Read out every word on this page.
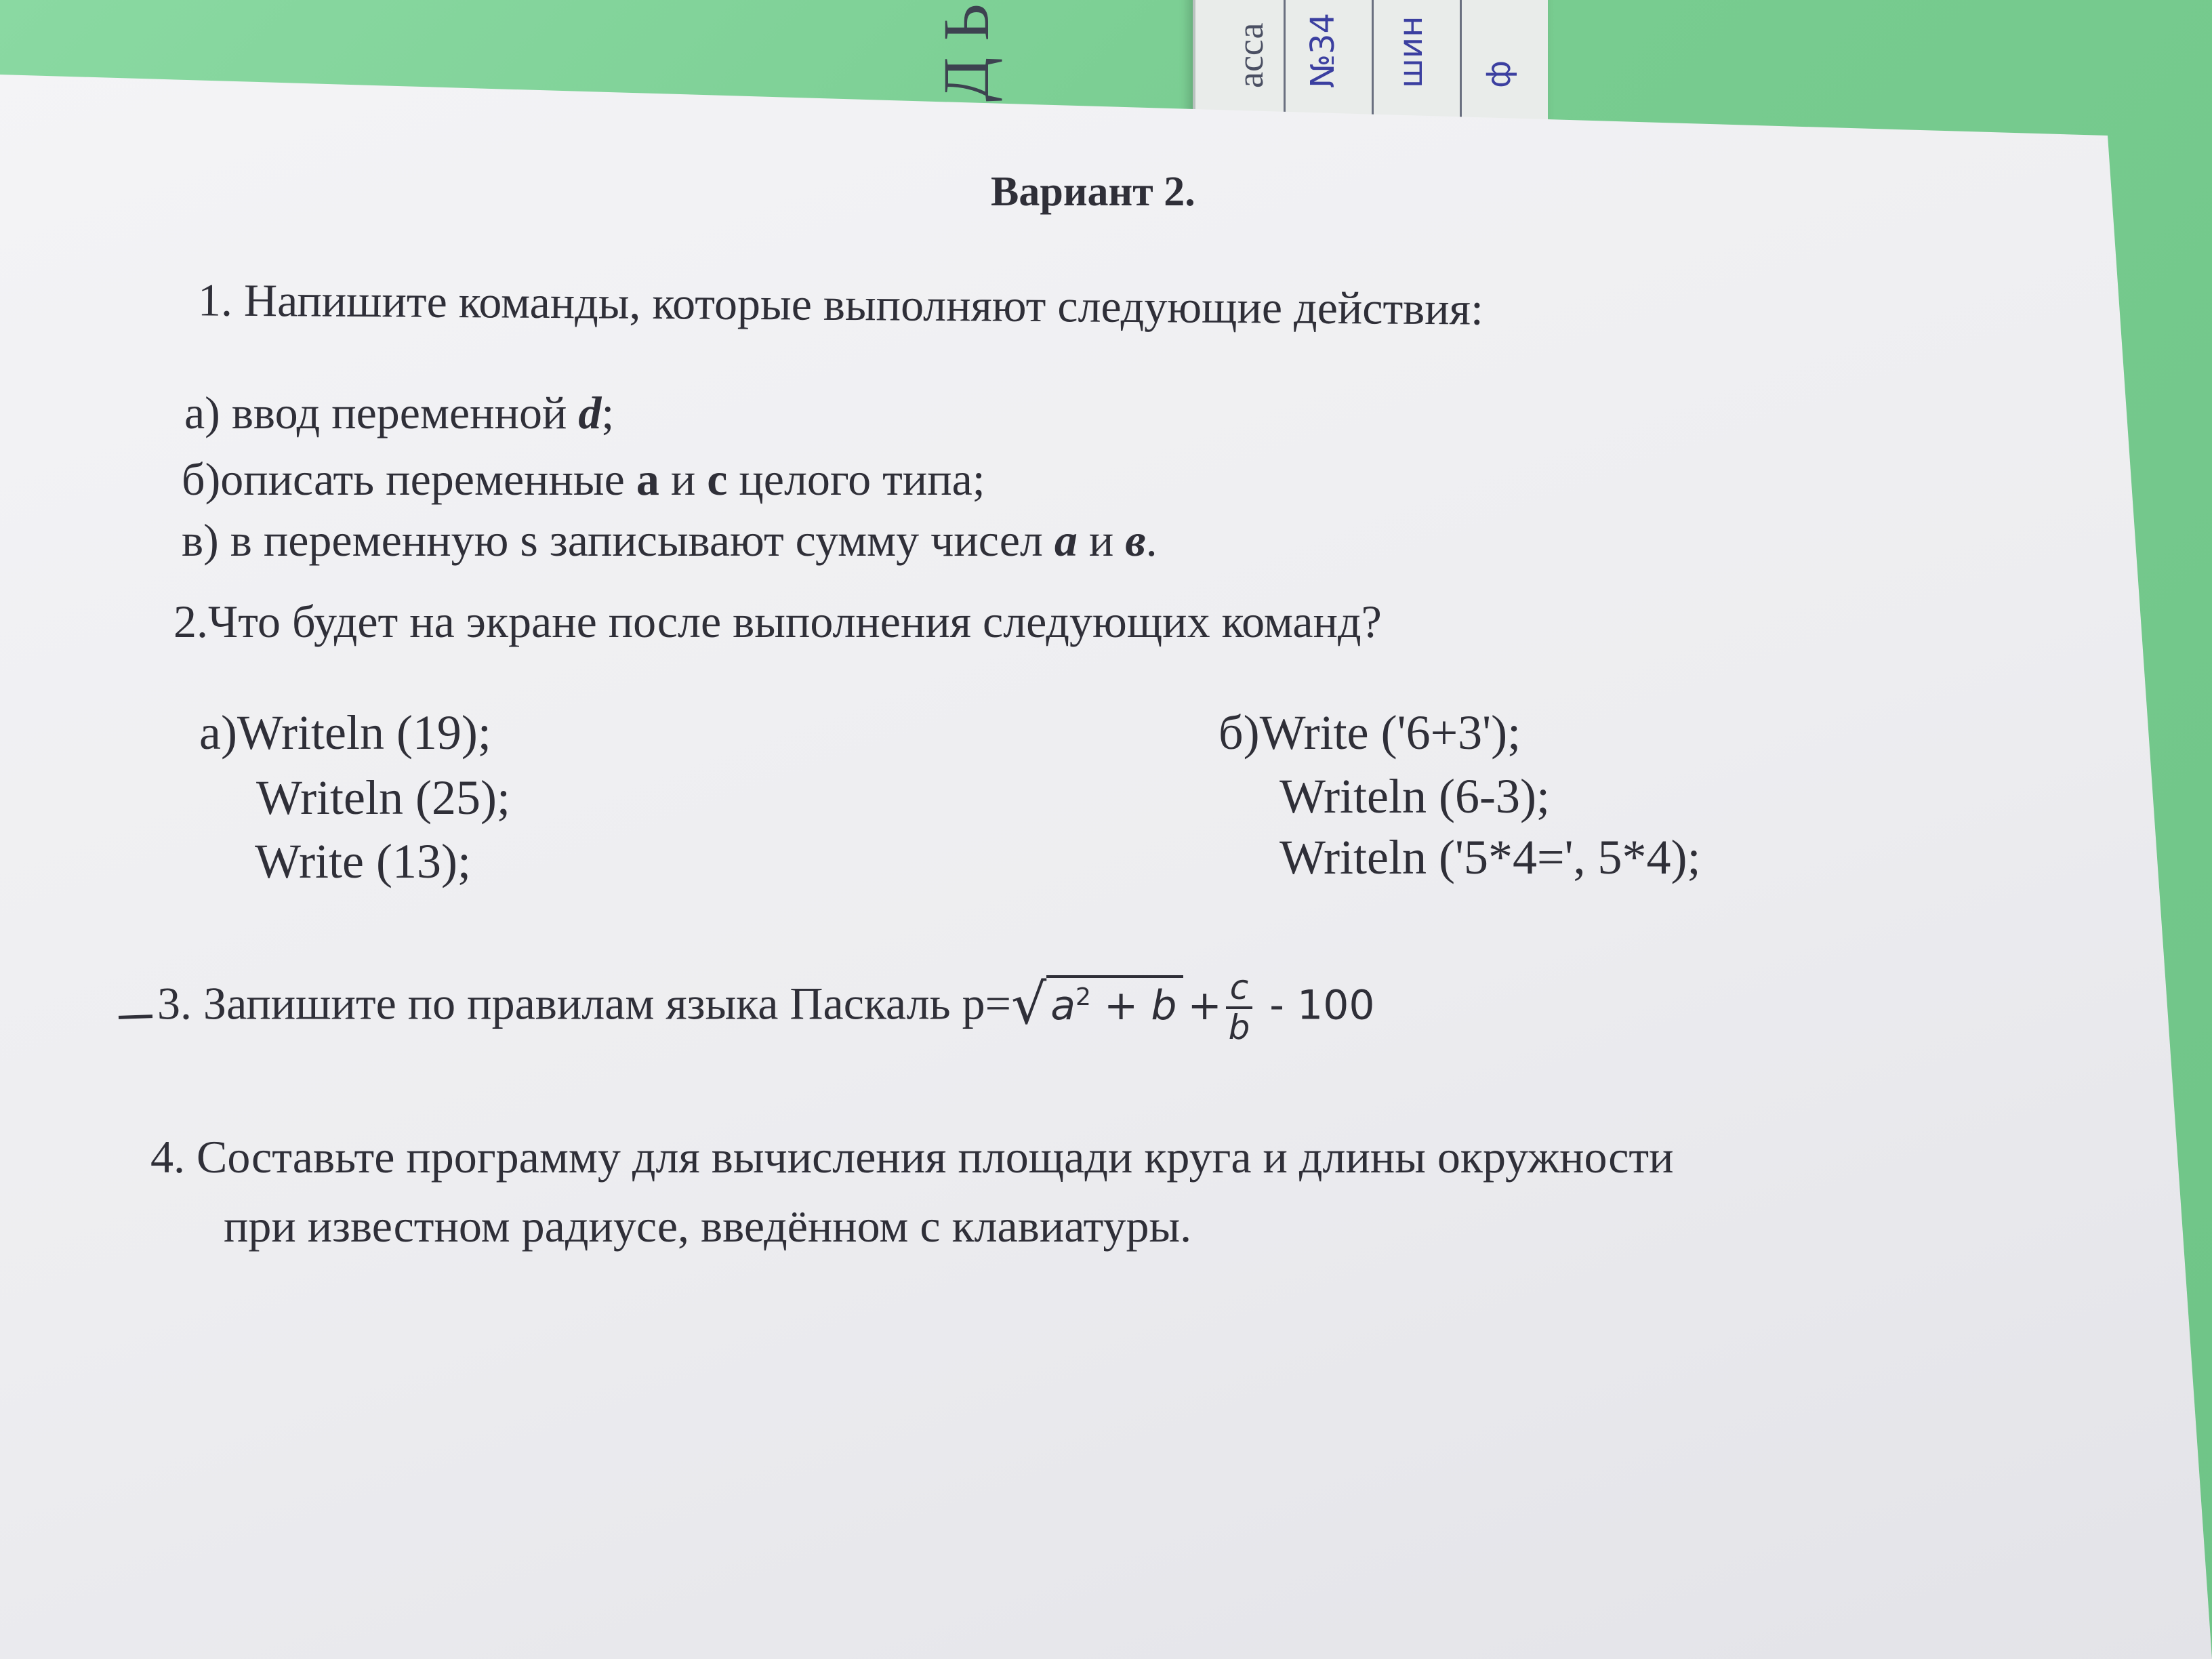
Д Ь	асса №34 шин ф
Вариант 2.
1. Напишите команды, которые выполняют следующие действия:
а) ввод переменной d;
б)описать переменные а и с целого типа;
в) в переменную s записывают сумму чисел а и в.
2.Что будет на экране после выполнения следующих команд?
а)Writeln (19);
Writeln (25);
Write (13);
б)Write ('6+3');
Writeln (6-3);
Writeln ('5*4=', 5*4);
3. Запишите по правилам языка Паскаль p=√ $a^2 + b + \frac{c}{b} - 100$
4. Составьте программу для вычисления площади круга и длины окружности
при известном радиусе, введённом с клавиатуры.
